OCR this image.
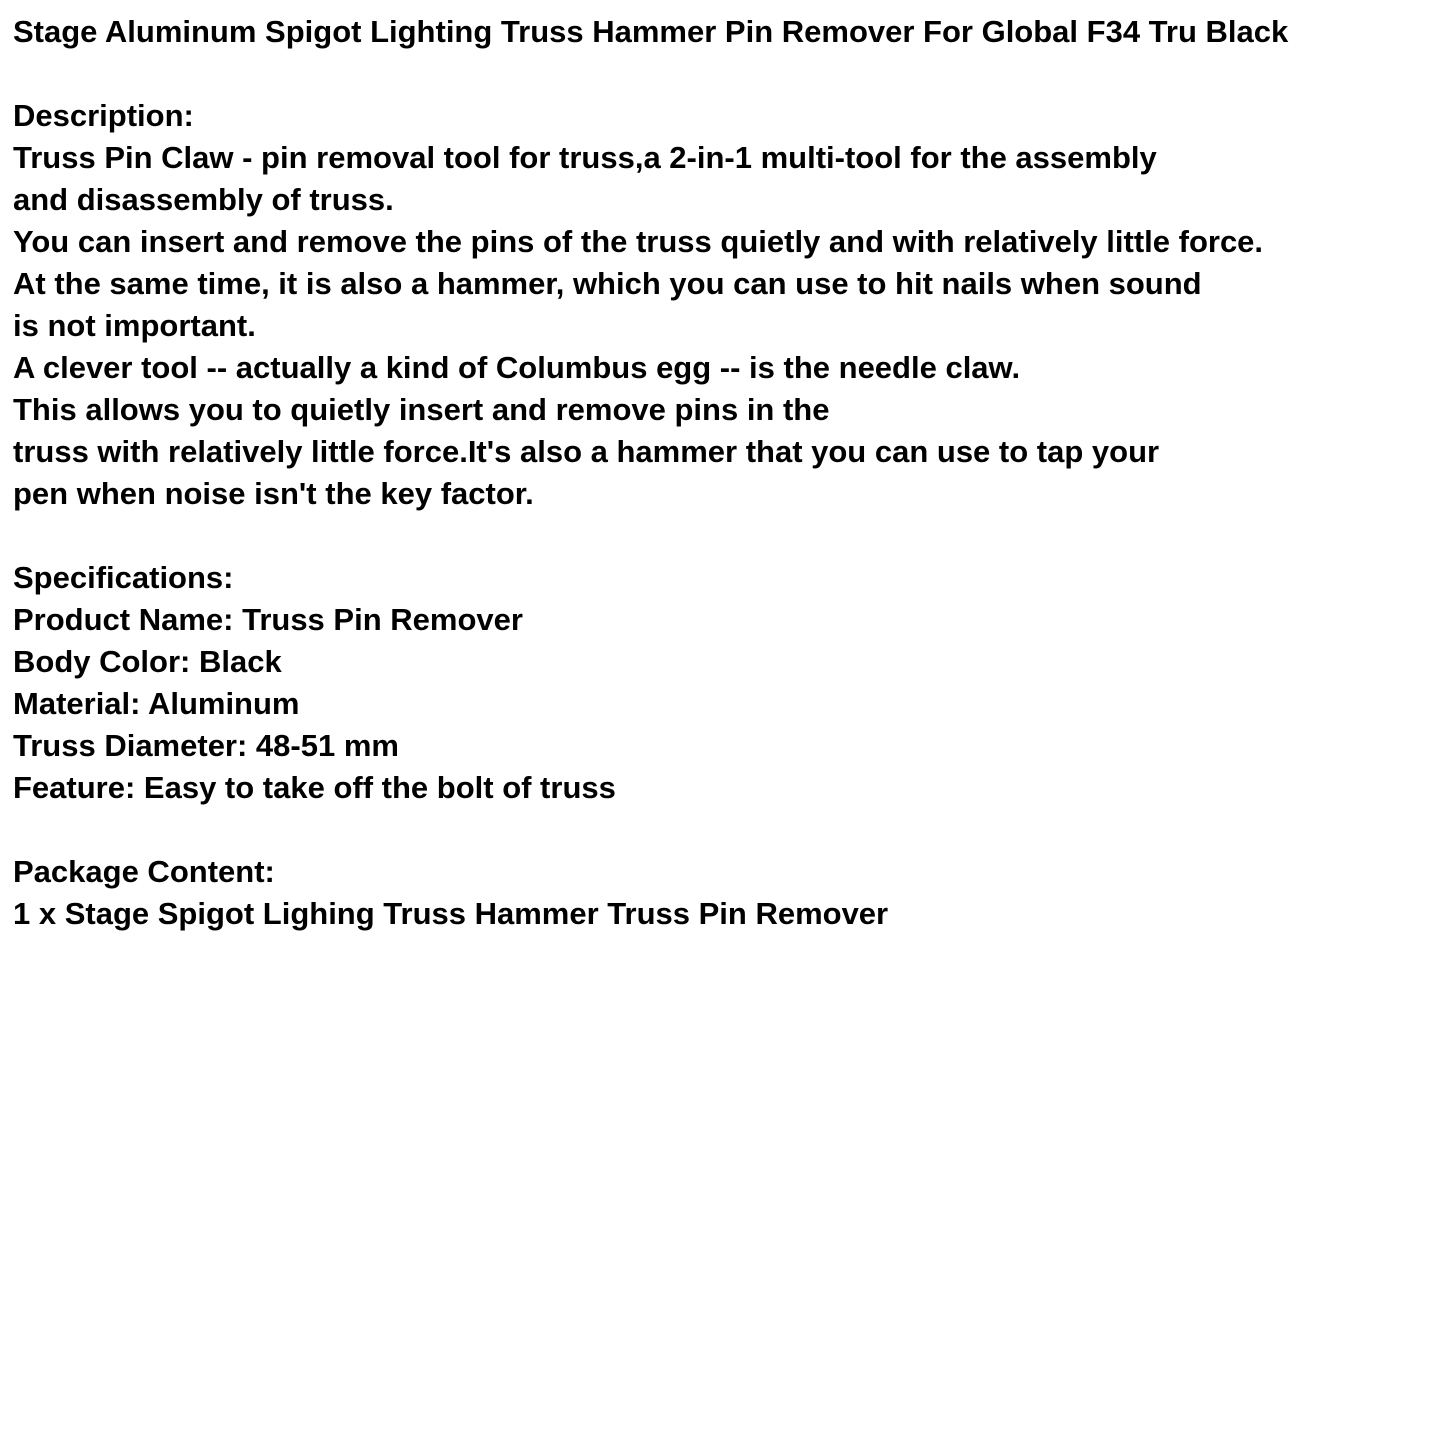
Stage Aluminum Spigot Lighting Truss Hammer Pin Remover For Global F34 Tru Black
Description:
Truss Pin Claw - pin removal tool for truss,a 2-in-1 multi-tool for the assembly
and disassembly of truss.
You can insert and remove the pins of the truss quietly and with relatively little force.
At the same time, it is also a hammer, which you can use to hit nails when sound
is not important.
A clever tool -- actually a kind of Columbus egg -- is the needle claw.
This allows you to quietly insert and remove pins in the
truss with relatively little force.It's also a hammer that you can use to tap your
pen when noise isn't the key factor.
Specifications:
Product Name: Truss Pin Remover
Body Color: Black
Material: Aluminum
Truss Diameter: 48-51 mm
Feature: Easy to take off the bolt of truss
Package Content:
1 x Stage Spigot Lighing Truss Hammer Truss Pin Remover
